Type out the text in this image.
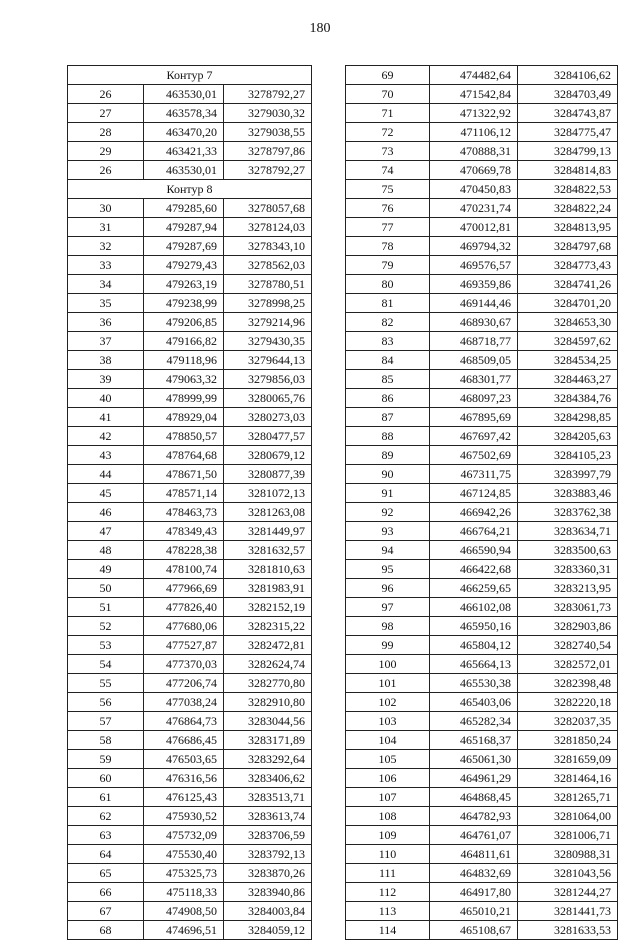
180
Контур 7		
26	463530,01	3278792,27
27	463578,34	3279030,32
28	463470,20	3279038,55
29	463421,33	3278797,86
26	463530,01	3278792,27
Контур 8		
30	479285,60	3278057,68
31	479287,94	3278124,03
32	479287,69	3278343,10
33	479279,43	3278562,03
34	479263,19	3278780,51
35	479238,99	3278998,25
36	479206,85	3279214,96
37	479166,82	3279430,35
38	479118,96	3279644,13
39	479063,32	3279856,03
40	478999,99	3280065,76
41	478929,04	3280273,03
42	478850,57	3280477,57
43	478764,68	3280679,12
44	478671,50	3280877,39
45	478571,14	3281072,13
46	478463,73	3281263,08
47	478349,43	3281449,97
48	478228,38	3281632,57
49	478100,74	3281810,63
50	477966,69	3281983,91
51	477826,40	3282152,19
52	477680,06	3282315,22
53	477527,87	3282472,81
54	477370,03	3282624,74
55	477206,74	3282770,80
56	477038,24	3282910,80
57	476864,73	3283044,56
58	476686,45	3283171,89
59	476503,65	3283292,64
60	476316,56	3283406,62
61	476125,43	3283513,71
62	475930,52	3283613,74
63	475732,09	3283706,59
64	475530,40	3283792,13
65	475325,73	3283870,26
66	475118,33	3283940,86
67	474908,50	3284003,84
68	474696,51	3284059,12
69	474482,64	3284106,62
70	471542,84	3284703,49
71	471322,92	3284743,87
72	471106,12	3284775,47
73	470888,31	3284799,13
74	470669,78	3284814,83
75	470450,83	3284822,53
76	470231,74	3284822,24
77	470012,81	3284813,95
78	469794,32	3284797,68
79	469576,57	3284773,43
80	469359,86	3284741,26
81	469144,46	3284701,20
82	468930,67	3284653,30
83	468718,77	3284597,62
84	468509,05	3284534,25
85	468301,77	3284463,27
86	468097,23	3284384,76
87	467895,69	3284298,85
88	467697,42	3284205,63
89	467502,69	3284105,23
90	467311,75	3283997,79
91	467124,85	3283883,46
92	466942,26	3283762,38
93	466764,21	3283634,71
94	466590,94	3283500,63
95	466422,68	3283360,31
96	466259,65	3283213,95
97	466102,08	3283061,73
98	465950,16	3282903,86
99	465804,12	3282740,54
100	465664,13	3282572,01
101	465530,38	3282398,48
102	465403,06	3282220,18
103	465282,34	3282037,35
104	465168,37	3281850,24
105	465061,30	3281659,09
106	464961,29	3281464,16
107	464868,45	3281265,71
108	464782,93	3281064,00
109	464761,07	3281006,71
110	464811,61	3280988,31
111	464832,69	3281043,56
112	464917,80	3281244,27
113	465010,21	3281441,73
114	465108,67	3281633,53
